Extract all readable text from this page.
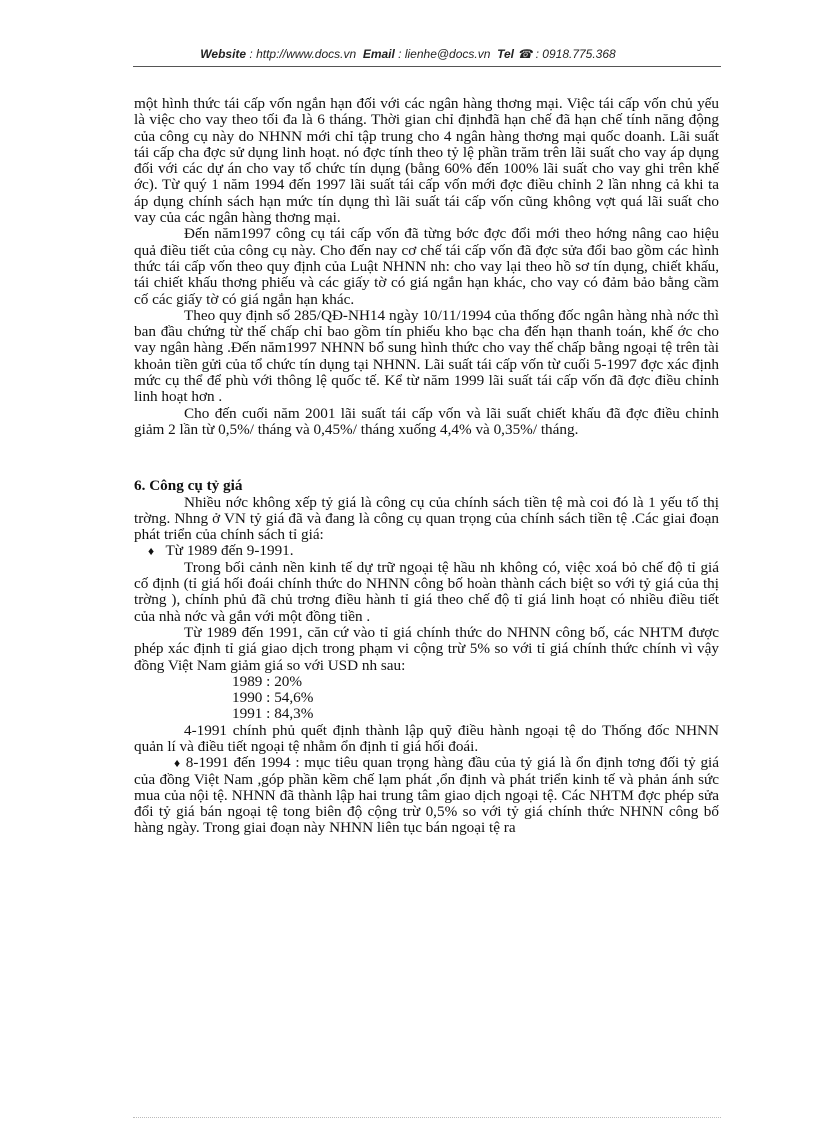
Website : http://www.docs.vn Email : lienhe@docs.vn Tel ☎ : 0918.775.368

một hình thức tái cấp vốn ngắn hạn đối với các ngân hàng thơng mại. Việc tái cấp vốn chủ yếu là việc cho vay theo tối đa là 6 tháng. Thời gian chỉ địnhđã hạn chế đã hạn chế tính năng động của công cụ này do NHNN mới chỉ tập trung cho 4 ngân hàng thơng mại quốc doanh. Lãi suất tái cấp cha đợc sử dụng linh hoạt. nó đợc tính theo tỷ lệ phần trăm trên lãi suất cho vay áp dụng đối với các dự án cho vay tổ chức tín dụng (bằng 60% đến 100% lãi suất cho vay ghi trên khế ớc). Từ quý 1 năm 1994 đến 1997 lãi suất tái cấp vốn mới đợc điều chỉnh 2 lần nhng cả khi ta áp dụng chính sách hạn mức tín dụng thì lãi suất tái cấp vốn cũng không vợt quá lãi suất cho vay của các ngân hàng thơng mại.

Đến năm1997 công cụ tái cấp vốn đã từng bớc đợc đổi mới theo hớng nâng cao hiệu quả điều tiết của công cụ này. Cho đến nay cơ chế tái cấp vốn đã đợc sửa đổi bao gồm các hình thức tái cấp vốn theo quy định của Luật NHNN nh: cho vay lại theo hồ sơ tín dụng, chiết khấu, tái chiết khấu thơng phiếu và các giấy tờ có giá ngắn hạn khác, cho vay có đảm bảo bằng cầm cố các giấy tờ có giá ngắn hạn khác.

Theo quy định số 285/QĐ-NH14 ngày 10/11/1994 của thống đốc ngân hàng nhà nớc thì ban đầu chứng từ thế chấp chỉ bao gồm tín phiếu kho bạc cha đến hạn thanh toán, khế ớc cho vay ngân hàng .Đến năm1997 NHNN bổ sung hình thức cho vay thế chấp bằng ngoại tệ trên tài khoản tiền gửi của tổ chức tín dụng tại NHNN. Lãi suất tái cấp vốn từ cuối 5-1997 đợc xác định mức cụ thể để phù với thông lệ quốc tế. Kể từ năm 1999 lãi suất tái cấp vốn đã đợc điều chỉnh linh hoạt hơn .

Cho đến cuối năm 2001 lãi suất tái cấp vốn và lãi suất chiết khấu đã đợc điều chỉnh giảm 2 lần từ 0,5%/ tháng và 0,45%/ tháng xuống 4,4% và 0,35%/ tháng.

6. Công cụ tỷ giá

Nhiều nớc không xếp tỷ giá là công cụ của chính sách tiền tệ mà coi đó là 1 yếu tố thị trờng. Nhng ở VN tỷ giá đã và đang là công cụ quan trọng của chính sách tiền tệ .Các giai đoạn phát triển của chính sách tỉ giá:

♦ Từ 1989 đến 9-1991.

Trong bối cảnh nền kinh tế dự trữ ngoại tệ hầu nh không có, việc xoá bỏ chế độ tỉ giá cố định (tỉ giá hối đoái chính thức do NHNN công bố hoàn thành cách biệt so với tỷ giá của thị trờng ), chính phủ đã chủ trơng điều hành tỉ giá theo chế độ tỉ giá linh hoạt có nhiều điều tiết của nhà nớc và gắn với một đồng tiền .

Từ 1989 đến 1991, căn cứ vào tỉ giá chính thức do NHNN công bố, các NHTM được phép xác định tỉ giá giao dịch trong phạm vi cộng trừ 5% so với tỉ giá chính thức chính vì vậy đồng Việt Nam giảm giá so với USD nh sau:

1989 : 20%
1990 : 54,6%
1991 : 84,3%

4-1991 chính phủ quết định thành lập quỹ điều hành ngoại tệ do Thống đốc NHNN quản lí và điều tiết ngoại tệ nhằm ổn định tỉ giá hối đoái.

♦ 8-1991 đến 1994 : mục tiêu quan trọng hàng đầu của tỷ giá là ổn định tơng đối tỷ giá của đồng Việt Nam ,góp phần kềm chế lạm phát ,ổn định và phát triển kinh tế và phản ánh sức mua của nội tệ. NHNN đã thành lập hai trung tâm giao dịch ngoại tệ. Các NHTM đợc phép sửa đổi tỷ giá bán ngoại tệ tong biên độ cộng trừ 0,5% so với tỷ giá chính thức NHNN công bố hàng ngày. Trong giai đoạn này NHNN liên tục bán ngoại tệ ra
